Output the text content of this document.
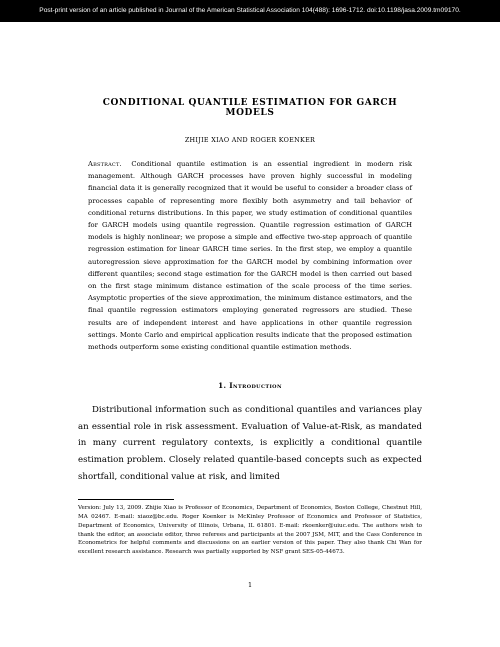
Post-print version of an article published in Journal of the American Statistical Association 104(488): 1696-1712. doi:10.1198/jasa.2009.tm09170.
CONDITIONAL QUANTILE ESTIMATION FOR GARCH MODELS
ZHIJIE XIAO AND ROGER KOENKER

Abstract. Conditional quantile estimation is an essential ingredient in modern risk management. Although GARCH processes have proven highly successful in modeling financial data it is generally recognized that it would be useful to consider a broader class of processes capable of representing more flexibly both asymmetry and tail behavior of conditional returns distributions. In this paper, we study estimation of conditional quantiles for GARCH models using quantile regression. Quantile regression estimation of GARCH models is highly nonlinear; we propose a simple and effective two-step approach of quantile regression estimation for linear GARCH time series. In the first step, we employ a quantile autoregression sieve approximation for the GARCH model by combining information over different quantiles; second stage estimation for the GARCH model is then carried out based on the first stage minimum distance estimation of the scale process of the time series. Asymptotic properties of the sieve approximation, the minimum distance estimators, and the final quantile regression estimators employing generated regressors are studied. These results are of independent interest and have applications in other quantile regression settings. Monte Carlo and empirical application results indicate that the proposed estimation methods outperform some existing conditional quantile estimation methods.

1. Introduction

Distributional information such as conditional quantiles and variances play an essential role in risk assessment. Evaluation of Value-at-Risk, as mandated in many current regulatory contexts, is explicitly a conditional quantile estimation problem. Closely related quantile-based concepts such as expected shortfall, conditional value at risk, and limited

Version: July 13, 2009. Zhijie Xiao is Professor of Economics, Department of Economics, Boston College, Chestnut Hill, MA 02467. E-mail: xiaoz@bc.edu. Roger Koenker is McKinley Professor of Economics and Professor of Statistics, Department of Economics, University of Illinois, Urbana, IL 61801. E-mail: rkoenker@uiuc.edu. The authors wish to thank the editor, an associate editor, three referees and participants at the 2007 JSM, MIT, and the Cass Conference in Econometrics for helpful comments and discussions on an earlier version of this paper. They also thank Chi Wan for excellent research assistance. Research was partially supported by NSF grant SES-05-44673.

1
